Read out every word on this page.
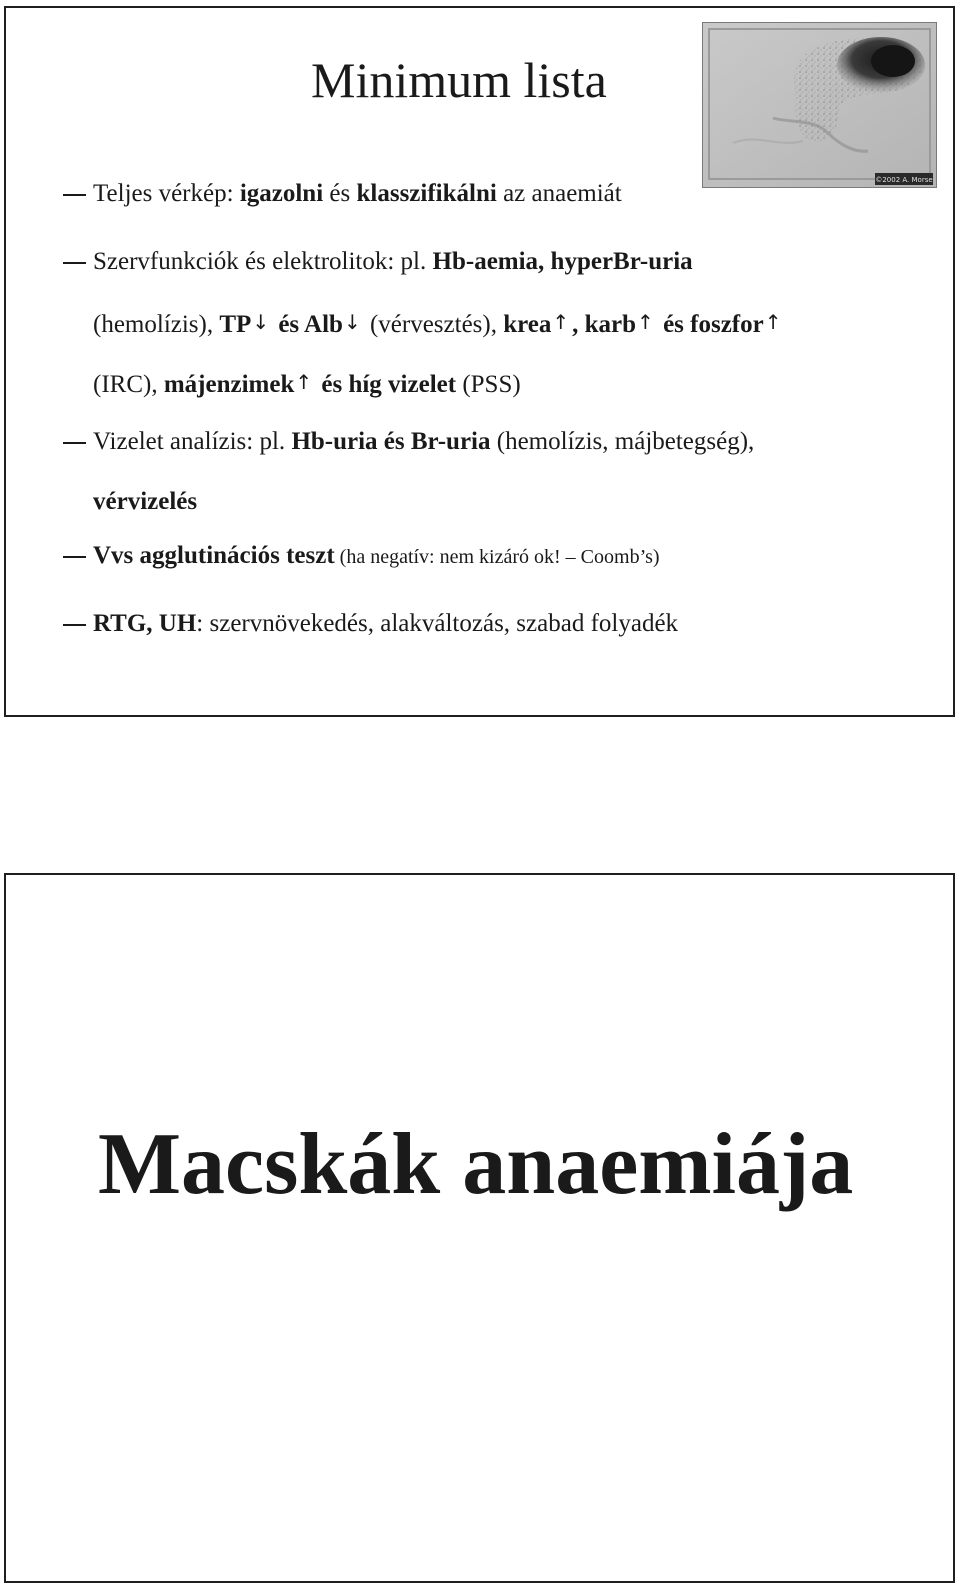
Minimum lista
©2002 A. Morse
Teljes vérkép: igazolni és klasszifikálni az anaemiát
Szervfunkciók és elektrolitok: pl. Hb-aemia, hyperBr-uria
(hemolízis), TP↓ és Alb↓ (vérvesztés), krea↑ , karb↑ és foszfor↑
(IRC), májenzimek↑ és híg vizelet (PSS)
Vizelet analízis: pl. Hb-uria és Br-uria (hemolízis, májbetegség),
vérvizelés
Vvs agglutinációs teszt (ha negatív: nem kizáró ok! – Coomb’s)
RTG, UH: szervnövekedés, alakváltozás, szabad folyadék
Macskák anaemiája
